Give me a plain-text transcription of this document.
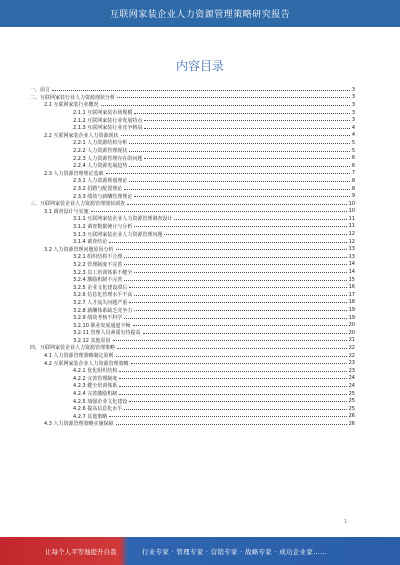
互联网家装企业人力资源管理策略研究报告
内容目录
一、前言	3
二、互联网家装行业人力资源现状分析	3
2.1 互联网家装行业概况	3
2.1.1 互联网家装市场规模	3
2.1.2 互联网家装行业发展特点	3
2.1.3 互联网家装行业竞争格局	4
2.2 互联网家装企业人力资源现状	4
2.2.1 人力资源结构分析	5
2.2.2 人力资源管理现状	5
2.2.3 人力资源管理存在的问题	6
2.2.4 人力资源发展趋势	6
2.3 人力资源管理理论基础	7
2.3.1 人力资源规划理论	8
2.3.2 招聘与配置理论	8
2.3.3 绩效与薪酬管理理论	9
三、互联网家装企业人力资源管理现状调查	10
3.1 调查设计与实施	10
3.1.1 互联网家装企业人力资源管理调查设计	11
3.1.2 调查数据统计与分析	11
3.1.3 互联网家装企业人力资源管理问题	12
3.1.4 调查结论	12
3.2 人力资源管理问题原因分析	13
3.2.1 组织结构不合理	13
3.2.2 管理制度不完善	14
3.2.3 员工培训体系不健全	14
3.2.4 激励机制不完善	15
3.2.5 企业文化建设滞后	16
3.2.6 信息化管理水平不高	17
3.2.7 人才流失问题严重	18
3.2.8 薪酬体系缺乏竞争力	19
3.2.9 绩效考核不科学	19
3.2.10 职业发展通道不畅	20
3.2.11 管理人员素质有待提高	20
3.2.12 其他原因	21
四、互联网家装企业人力资源管理策略	22
4.1 人力资源管理策略制定原则	22
4.2 互联网家装企业人力资源管理策略	23
4.2.1 优化组织结构	23
4.2.2 完善管理制度	24
4.2.3 健全培训体系	24
4.2.4 完善激励机制	25
4.2.5 加强企业文化建设	25
4.2.6 提高信息化水平	25
4.2.7 其他策略	26
4.3 人力资源管理策略实施保障	26
1
让每个人平等地提升自我	行业专家 · 管理专家 · 营销专家 · 战略专家 · 成功企业家……
